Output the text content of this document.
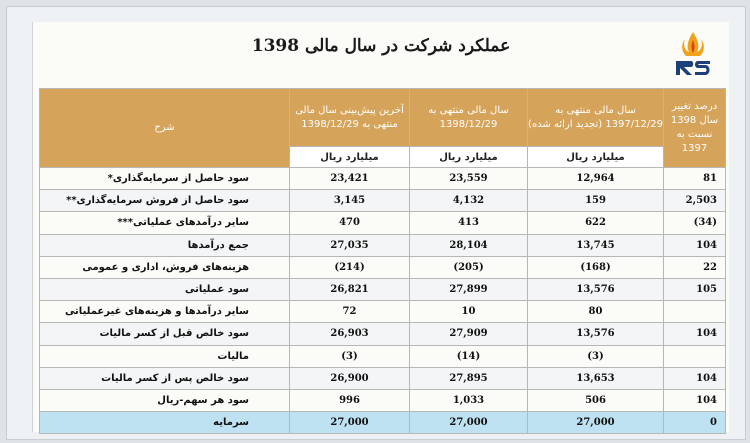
عملکرد شرکت در سال مالی 1398
درصد تغییر سال 1398 نسبت به 1397	سال مالی منتهی به 1397/12/29 (تجدید ارائه شده)	سال مالی منتهی به 1398/12/29	آخرین پیش‌بینی سال مالی منتهی به 1398/12/29	شرح
	میلیارد ریال	میلیارد ریال	میلیارد ریال	
81	12,964	23,559	23,421	سود حاصل از سرمایه‌گذاری*
2,503	159	4,132	3,145	سود حاصل از فروش سرمایه‌گذاری**
(34)	622	413	470	سایر درآمدهای عملیاتی***
104	13,745	28,104	27,035	جمع درآمدها
22	(168)	(205)	(214)	هزینه‌های فروش، اداری و عمومی
105	13,576	27,899	26,821	سود عملیاتی
	80	10	72	سایر درآمدها و هزینه‌های غیرعملیاتی
104	13,576	27,909	26,903	سود خالص قبل از کسر مالیات
	(3)	(14)	(3)	مالیات
104	13,653	27,895	26,900	سود خالص پس از کسر مالیات
104	506	1,033	996	سود هر سهم-ریال
0	27,000	27,000	27,000	سرمایه
